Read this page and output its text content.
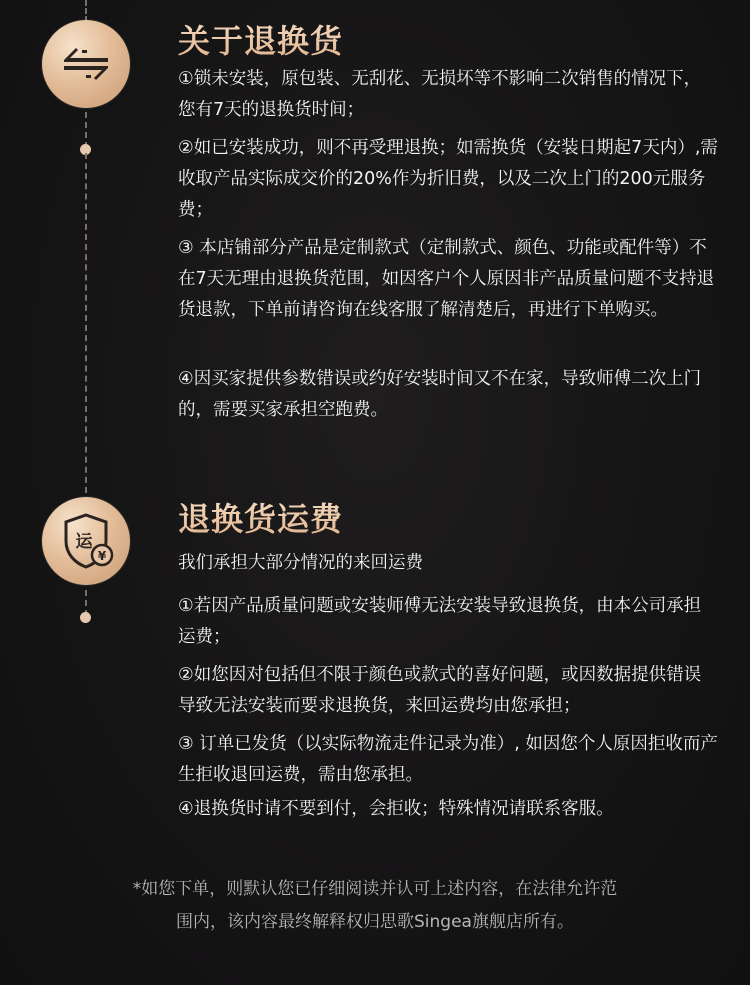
关于退换货
①锁未安装，原包装、无刮花、无损坏等不影响二次销售的情况下，您有7天的退换货时间；
②如已安装成功，则不再受理退换；如需换货（安装日期起7天内）,需收取产品实际成交价的20%作为折旧费，以及二次上门的200元服务费；
③ 本店铺部分产品是定制款式（定制款式、颜色、功能或配件等）不在7天无理由退换货范围，如因客户个人原因非产品质量问题不支持退货退款，下单前请咨询在线客服了解清楚后，再进行下单购买。
④因买家提供参数错误或约好安装时间又不在家，导致师傅二次上门的，需要买家承担空跑费。
运
¥
退换货运费
我们承担大部分情况的来回运费
①若因产品质量问题或安装师傅无法安装导致退换货，由本公司承担运费；
②如您因对包括但不限于颜色或款式的喜好问题，或因数据提供错误导致无法安装而要求退换货，来回运费均由您承担；
③ 订单已发货（以实际物流走件记录为准）, 如因您个人原因拒收而产生拒收退回运费，需由您承担。
④退换货时请不要到付，会拒收；特殊情况请联系客服。
*如您下单，则默认您已仔细阅读并认可上述内容，在法律允许范
围内，该内容最终解释权归思歌Singea旗舰店所有。
